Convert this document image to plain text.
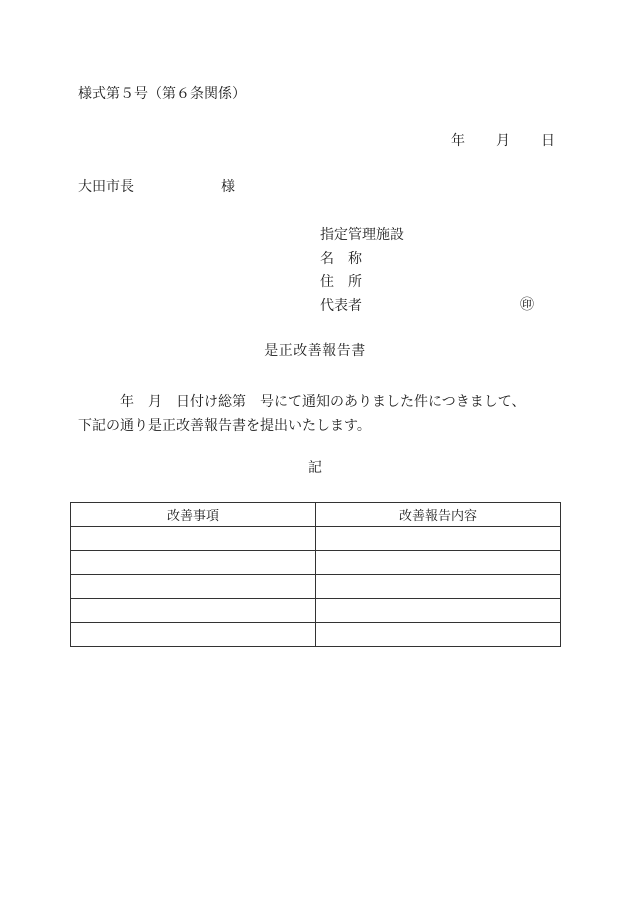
様式第５号（第６条関係）
年 月 日
大田市長	様
指定管理施設
名　称
住　所
代表者	㊞
是正改善報告書
年　月　日付け総第　号にて通知のありました件につきまして、
下記の通り是正改善報告書を提出いたします。
記
改善事項	改善報告内容
